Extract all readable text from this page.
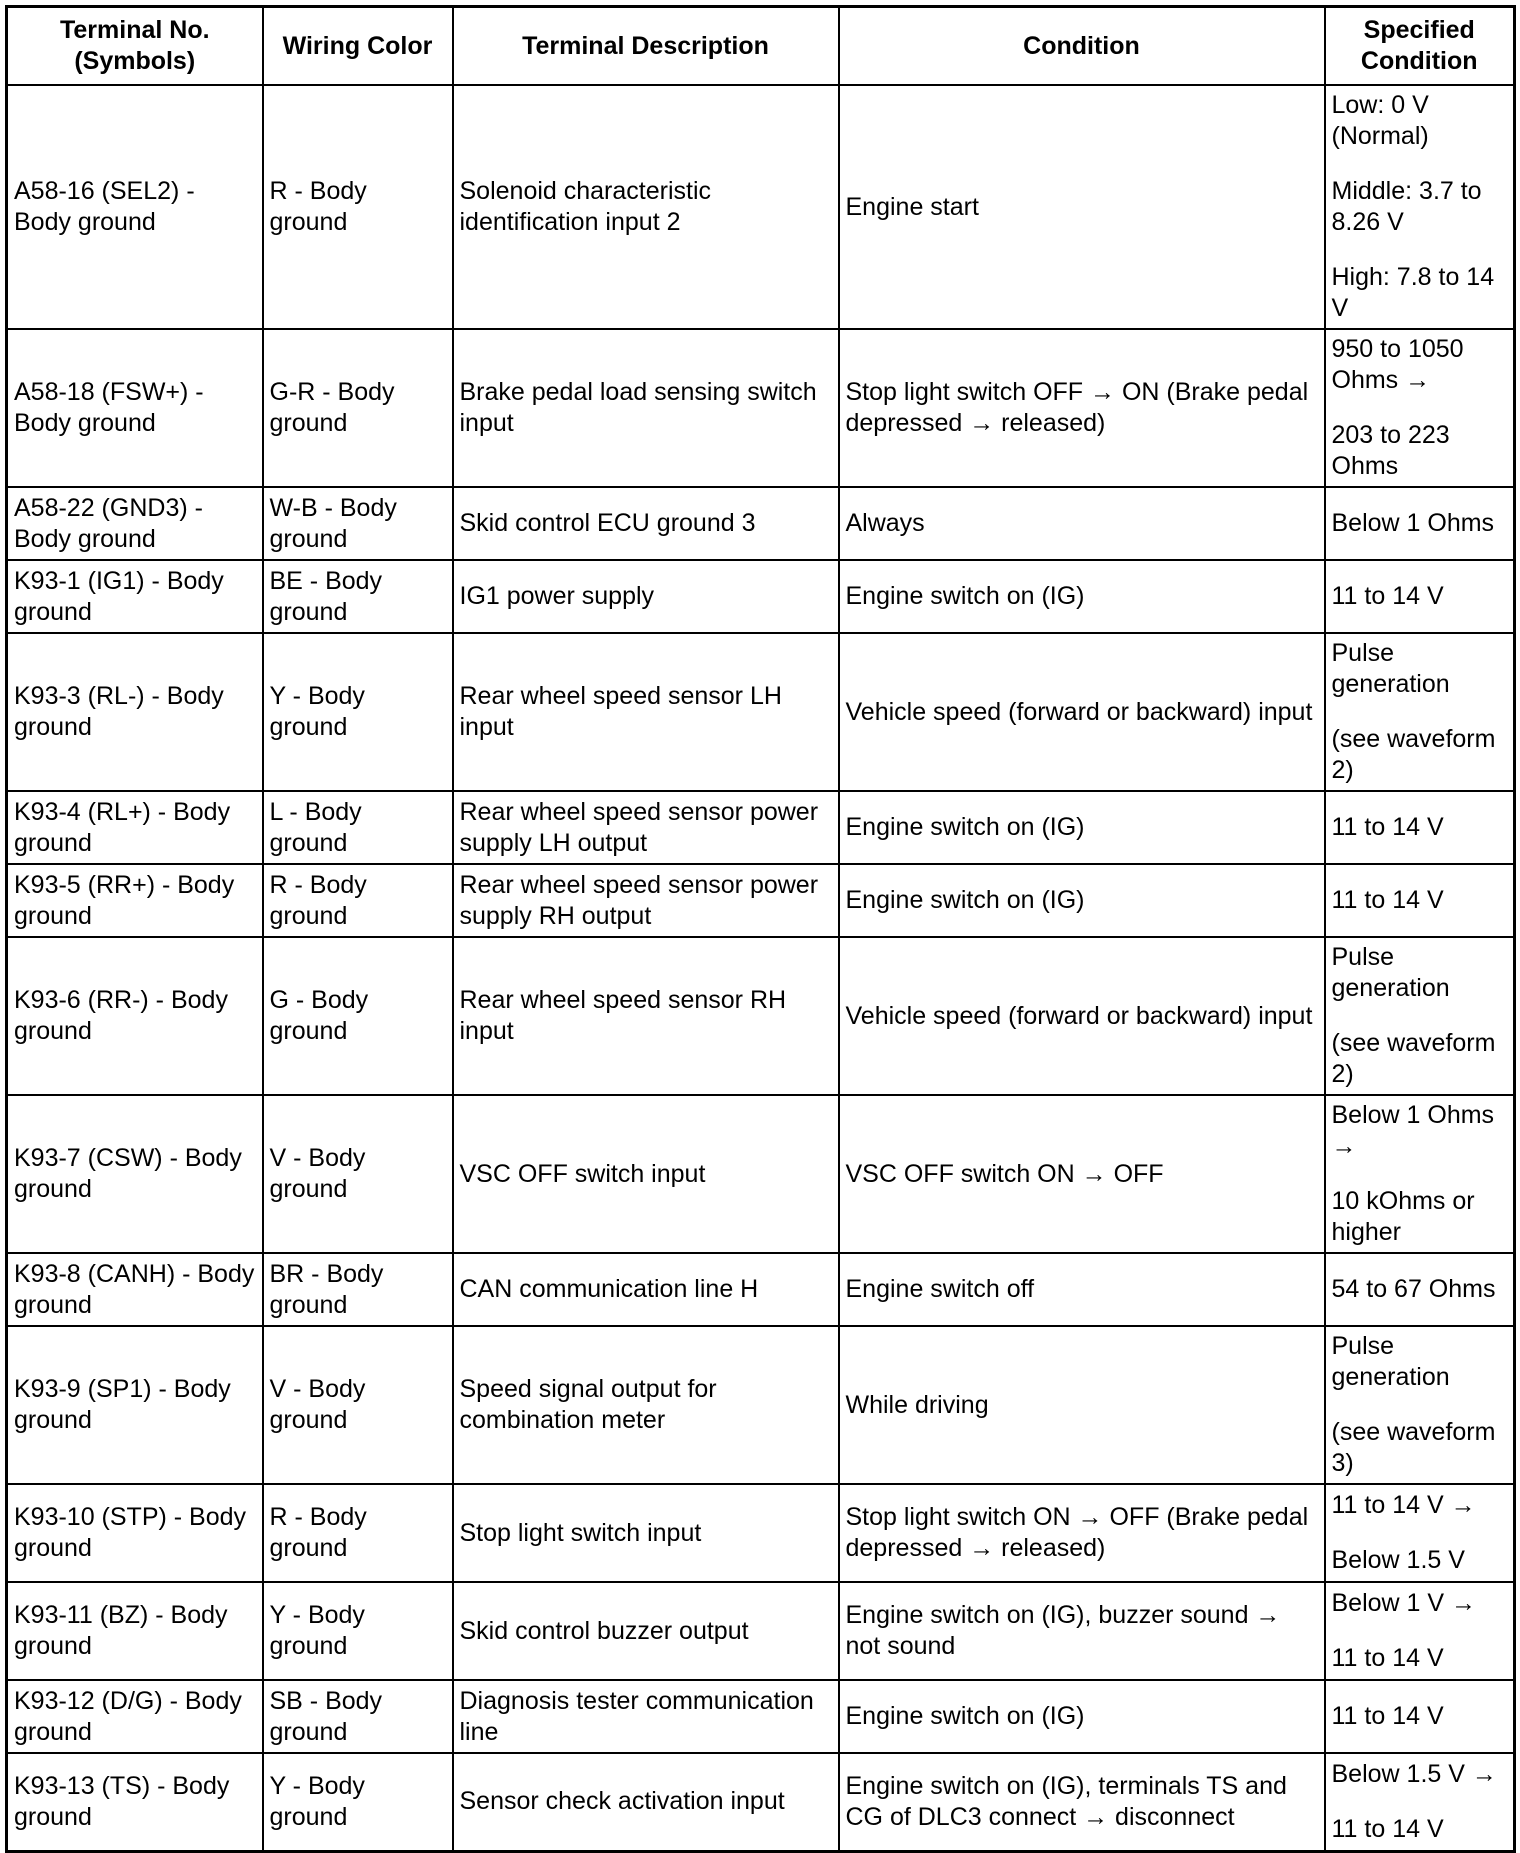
Terminal No. (Symbols)	Wiring Color	Terminal Description	Condition	Specified Condition
A58-16 (SEL2) - Body ground	R - Body ground	Solenoid characteristic identification input 2	Engine start	Low: 0 V (Normal)
Middle: 3.7 to 8.26 V
High: 7.8 to 14 V

A58-18 (FSW+) - Body ground	G-R - Body ground	Brake pedal load sensing switch input	Stop light switch OFF → ON (Brake pedal depressed → released)	950 to 1050 Ohms →
203 to 223 Ohms

A58-22 (GND3) - Body ground	W-B - Body ground	Skid control ECU ground 3	Always	Below 1 Ohms

K93-1 (IG1) - Body ground	BE - Body ground	IG1 power supply	Engine switch on (IG)	11 to 14 V

K93-3 (RL-) - Body ground	Y - Body ground	Rear wheel speed sensor LH input	Vehicle speed (forward or backward) input	Pulse generation
(see waveform 2)

K93-4 (RL+) - Body ground	L - Body ground	Rear wheel speed sensor power supply LH output	Engine switch on (IG)	11 to 14 V

K93-5 (RR+) - Body ground	R - Body ground	Rear wheel speed sensor power supply RH output	Engine switch on (IG)	11 to 14 V

K93-6 (RR-) - Body ground	G - Body ground	Rear wheel speed sensor RH input	Vehicle speed (forward or backward) input	Pulse generation
(see waveform 2)

K93-7 (CSW) - Body ground	V - Body ground	VSC OFF switch input	VSC OFF switch ON → OFF	Below 1 Ohms →
10 kOhms or higher

K93-8 (CANH) - Body ground	BR - Body ground	CAN communication line H	Engine switch off	54 to 67 Ohms

K93-9 (SP1) - Body ground	V - Body ground	Speed signal output for combination meter	While driving	Pulse generation
(see waveform 3)

K93-10 (STP) - Body ground	R - Body ground	Stop light switch input	Stop light switch ON → OFF (Brake pedal depressed → released)	11 to 14 V →
Below 1.5 V

K93-11 (BZ) - Body ground	Y - Body ground	Skid control buzzer output	Engine switch on (IG), buzzer sound → not sound	Below 1 V →
11 to 14 V

K93-12 (D/G) - Body ground	SB - Body ground	Diagnosis tester communication line	Engine switch on (IG)	11 to 14 V

K93-13 (TS) - Body ground	Y - Body ground	Sensor check activation input	Engine switch on (IG), terminals TS and CG of DLC3 connect → disconnect	Below 1.5 V →
11 to 14 V
